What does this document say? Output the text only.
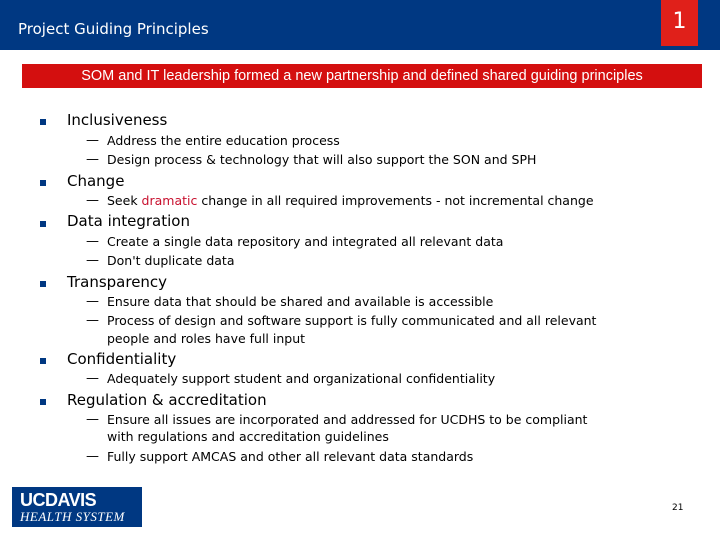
Project Guiding Principles	1
SOM and IT leadership formed a new partnership and defined shared guiding principles
Inclusiveness
— Address the entire education process
— Design process & technology that will also support the SON and SPH
Change
— Seek dramatic change in all required improvements - not incremental change
Data integration
— Create a single data repository and integrated all relevant data
— Don't duplicate data
Transparency
— Ensure data that should be shared and available is accessible
— Process of design and software support is fully communicated and all relevant
people and roles have full input
Confidentiality
— Adequately support student and organizational confidentiality
Regulation & accreditation
— Ensure all issues are incorporated and addressed for UCDHS to be compliant
with regulations and accreditation guidelines
— Fully support AMCAS and other all relevant data standards
UCDAVIS
HEALTH SYSTEM
21
